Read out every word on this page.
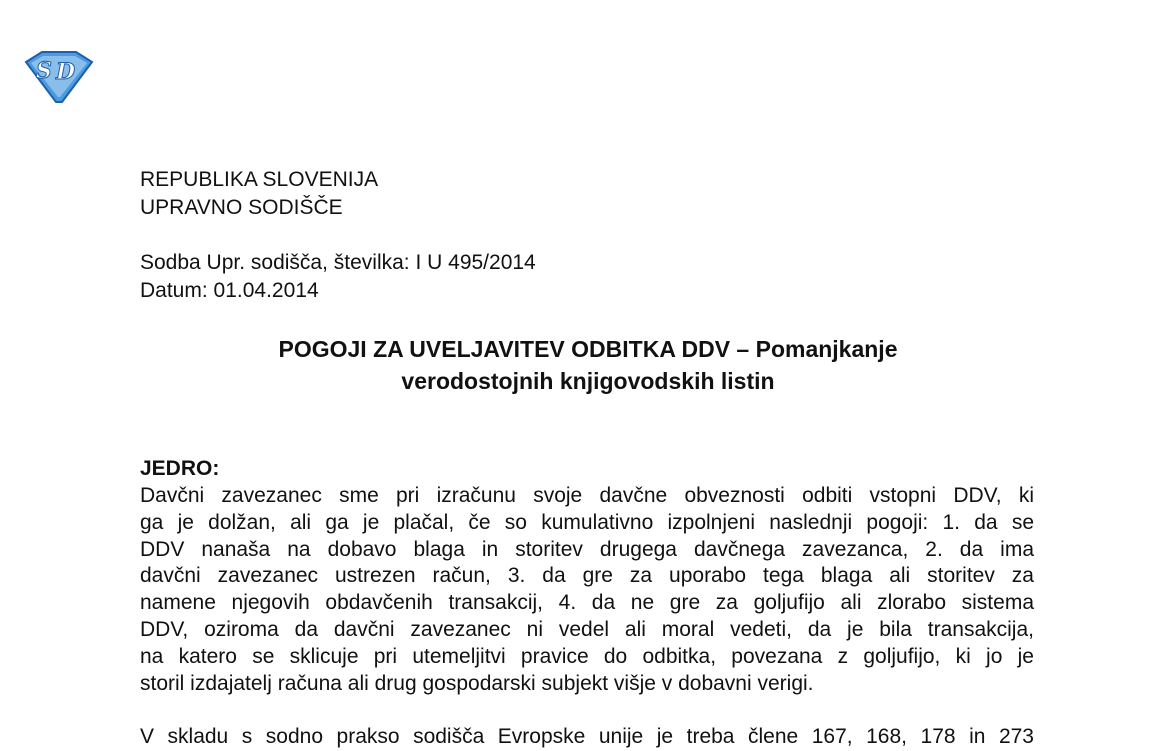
S D
REPUBLIKA SLOVENIJA
UPRAVNO SODIŠČE
Sodba Upr. sodišča, številka: I U 495/2014
Datum: 01.04.2014
POGOJI ZA UVELJAVITEV ODBITKA DDV – Pomanjkanje
verodostojnih knjigovodskih listin
JEDRO:
Davčni zavezanec sme pri izračunu svoje davčne obveznosti odbiti vstopni DDV, ki
ga je dolžan, ali ga je plačal, če so kumulativno izpolnjeni naslednji pogoji: 1. da se
DDV nanaša na dobavo blaga in storitev drugega davčnega zavezanca, 2. da ima
davčni zavezanec ustrezen račun, 3. da gre za uporabo tega blaga ali storitev za
namene njegovih obdavčenih transakcij, 4. da ne gre za goljufijo ali zlorabo sistema
DDV, oziroma da davčni zavezanec ni vedel ali moral vedeti, da je bila transakcija,
na katero se sklicuje pri utemeljitvi pravice do odbitka, povezana z goljufijo, ki jo je
storil izdajatelj računa ali drug gospodarski subjekt višje v dobavni verigi.
V skladu s sodno prakso sodišča Evropske unije je treba člene 167, 168, 178 in 273
